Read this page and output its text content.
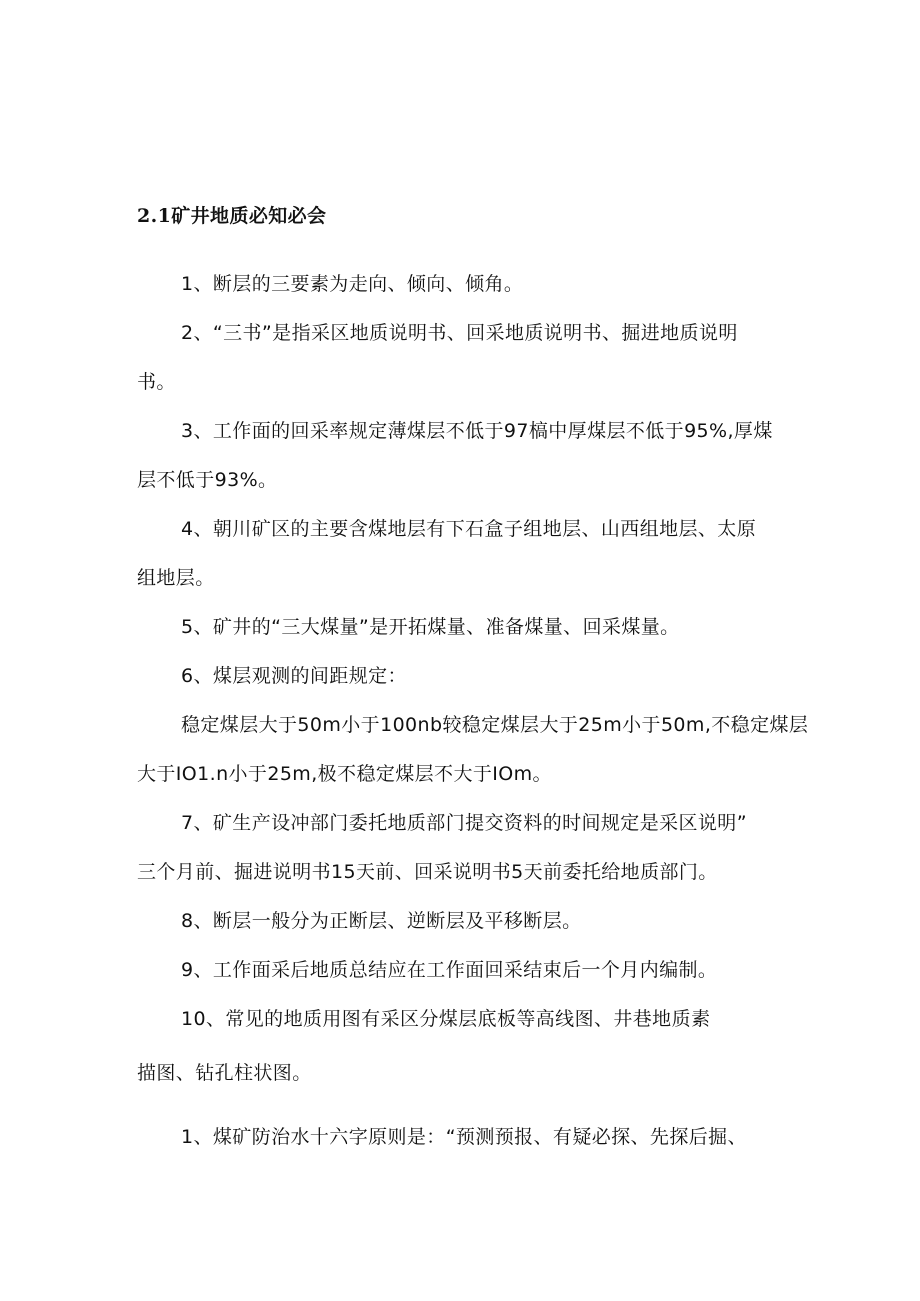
2.1矿井地质必知必会
1、断层的三要素为走向、倾向、倾角。
2、“三书”是指采区地质说明书、回采地质说明书、掘进地质说明
书。
3、工作面的回采率规定薄煤层不低于97槁中厚煤层不低于95%,厚煤
层不低于93%。
4、朝川矿区的主要含煤地层有下石盒子组地层、山西组地层、太原
组地层。
5、矿井的“三大煤量”是开拓煤量、准备煤量、回采煤量。
6、煤层观测的间距规定：
稳定煤层大于50m小于100nb较稳定煤层大于25m小于50m,不稳定煤层
大于IO1.n小于25m,极不稳定煤层不大于IOm。
7、矿生产设冲部门委托地质部门提交资料的时间规定是采区说明”
三个月前、掘进说明书15天前、回采说明书5天前委托给地质部门。
8、断层一般分为正断层、逆断层及平移断层。
9、工作面采后地质总结应在工作面回采结束后一个月内编制。
10、常见的地质用图有采区分煤层底板等高线图、井巷地质素
描图、钻孔柱状图。
1、煤矿防治水十六字原则是：“预测预报、有疑必探、先探后掘、
